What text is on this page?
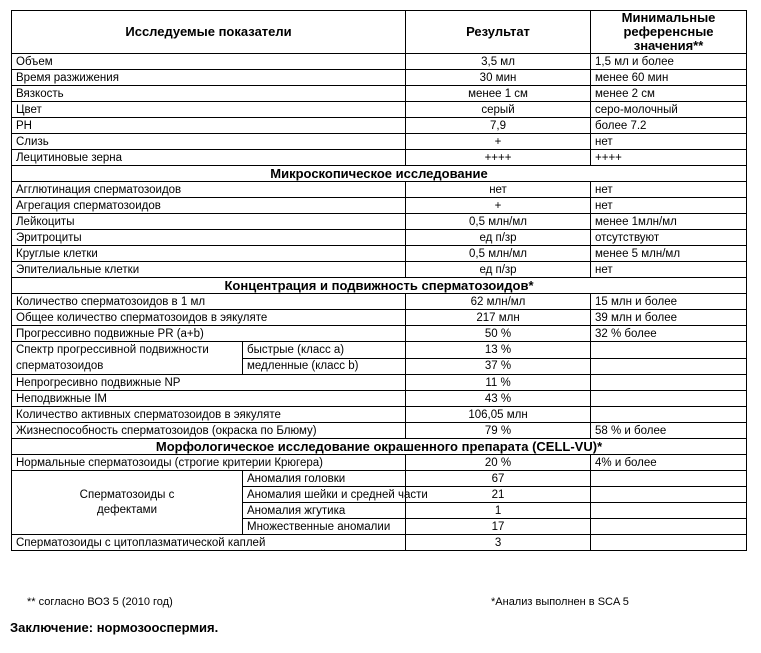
Исследуемые показатели		Результат	Минимальные референсные значения**
Объем		3,5 мл	1,5 мл и более
Время разжижения		30 мин	менее 60 мин
Вязкость		менее 1 см	менее 2 см
Цвет		серый	серо-молочный
PH		7,9	более 7.2
Слизь		+	нет
Лецитиновые зерна		++++	++++
Микроскопическое исследование			
Агглютинация сперматозоидов		нет	нет
Агрегация сперматозоидов		+	нет
Лейкоциты		0,5 млн/мл	менее 1млн/мл
Эритроциты		ед п/зр	отсутствуют
Круглые клетки		0,5 млн/мл	менее 5 млн/мл
Эпителиальные клетки		ед п/зр	нет
Концентрация и подвижность сперматозоидов*			
Количество сперматозоидов в 1 мл		62 млн/мл	15 млн и более
Общее количество сперматозоидов в эякуляте		217 млн	39 млн и более
Прогрессивно подвижные PR (a+b)		50 %	32 % более
Спектр прогрессивной подвижности
сперматозоидов	быстрые (класс а)	13 %	
	медленные (класс b)	37 %	
Непрогресивно подвижные NP		11 %	
Неподвижные IM		43 %	
Количество активных сперматозоидов в эякуляте		106,05 млн	
Жизнеспособность сперматозоидов (окраска по Блюму)		79 %	58 % и более
Морфологическое исследование окрашенного препарата (CELL-VU)*			
Нормальные сперматозоиды (строгие критерии Крюгера)		20 %	4% и более
Сперматозоиды с
дефектами	Аномалия головки	67	
	Аномалия шейки и средней части	21	
	Аномалия жгутика	1	
	Множественные аномалии	17	
Сперматозоиды с цитоплазматической каплей		3	
** согласно ВОЗ 5 (2010 год)	*Анализ выполнен в SCA 5
Заключение: нормозооспермия.
